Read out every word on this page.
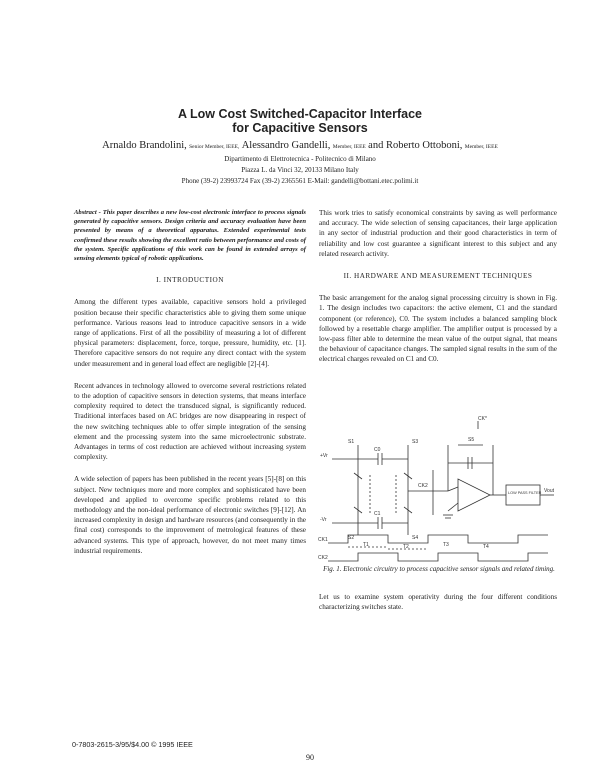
A Low Cost Switched-Capacitor Interface
for Capacitive Sensors
Arnaldo Brandolini, Senior Member, IEEE, Alessandro Gandelli, Member, IEEE and Roberto Ottoboni, Member, IEEE
Dipartimento di Elettrotecnica - Politecnico di Milano
Piazza L. da Vinci 32, 20133 Milano Italy
Phone (39-2) 23993724 Fax (39-2) 2365561 E-Mail: gandelli@bottani.etec.polimi.it

Abstract - This paper describes a new low-cost electronic interface to process signals generated by capacitive sensors. Design criteria and accuracy evaluation have been presented by means of a theoretical apparatus. Extended experimental tests confirmed these results showing the excellent ratio between performance and costs of the system. Specific applications of this work can be found in extended arrays of sensing elements typical of robotic applications.

I. INTRODUCTION

Among the different types available, capacitive sensors hold a privileged position because their specific characteristics able to giving them some unique performance. Various reasons lead to introduce capacitive sensors in a wide range of applications. First of all the possibility of measuring a lot of different physical parameters: displacement, force, torque, pressure, humidity, etc. [1]. Therefore capacitive sensors do not require any direct contact with the system under measurement and in general load effect are negligible [2]-[4].

Recent advances in technology allowed to overcome several restrictions related to the adoption of capacitive sensors in detection systems, that means interface complexity required to detect the transduced signal, is significantly reduced. Traditional interfaces based on AC bridges are now disappearing in respect of the new switching techniques able to offer simple integration of the sensing element and the processing system into the same microelectronic substrate. Advantages in terms of cost reduction are achieved without increasing system complexity.

A wide selection of papers has been published in the recent years [5]-[8] on this subject. New techniques more and more complex and sophisticated have been developed and applied to overcome specific problems related to this methodology and the non-ideal performance of electronic switches [9]-[12]. An increased complexity in design and hardware resources (and consequently in the final cost) corresponds to the improvement of metrological features of these advanced systems. This type of approach, however, do not meet many times industrial requirements.

This work tries to satisfy economical constraints by saving as well performance and accuracy. The wide selection of sensing capacitances, their large application in any sector of industrial production and their good characteristics in term of reliability and low cost guarantee a significant interest to this subject and any related research activity.

II. HARDWARE AND MEASUREMENT TECHNIQUES

The basic arrangement for the analog signal processing circuitry is shown in Fig. 1. The design includes two capacitors: the active element, C1 and the standard component (or reference), C0. The system includes a balanced sampling block followed by a resettable charge amplifier. The amplifier output is processed by a low-pass filter able to determine the mean value of the output signal, that means the behaviour of capacitance changes. The sampled signal results in the sum of the electrical charges revealed on C1 and C0.

CK*
CK2
LOW PASS FILTER Vout
+Vr
-Vr
C0
C1
S1
S2
S3
S4
S5
CK1
CK2
T1	T2	T3	T4
Fig. 1. Electronic circuitry to process capacitive sensor signals and related timing.

Let us to examine system operativity during the four different conditions characterizing switches state.

0-7803-2615-3/95/$4.00 © 1995 IEEE
90
